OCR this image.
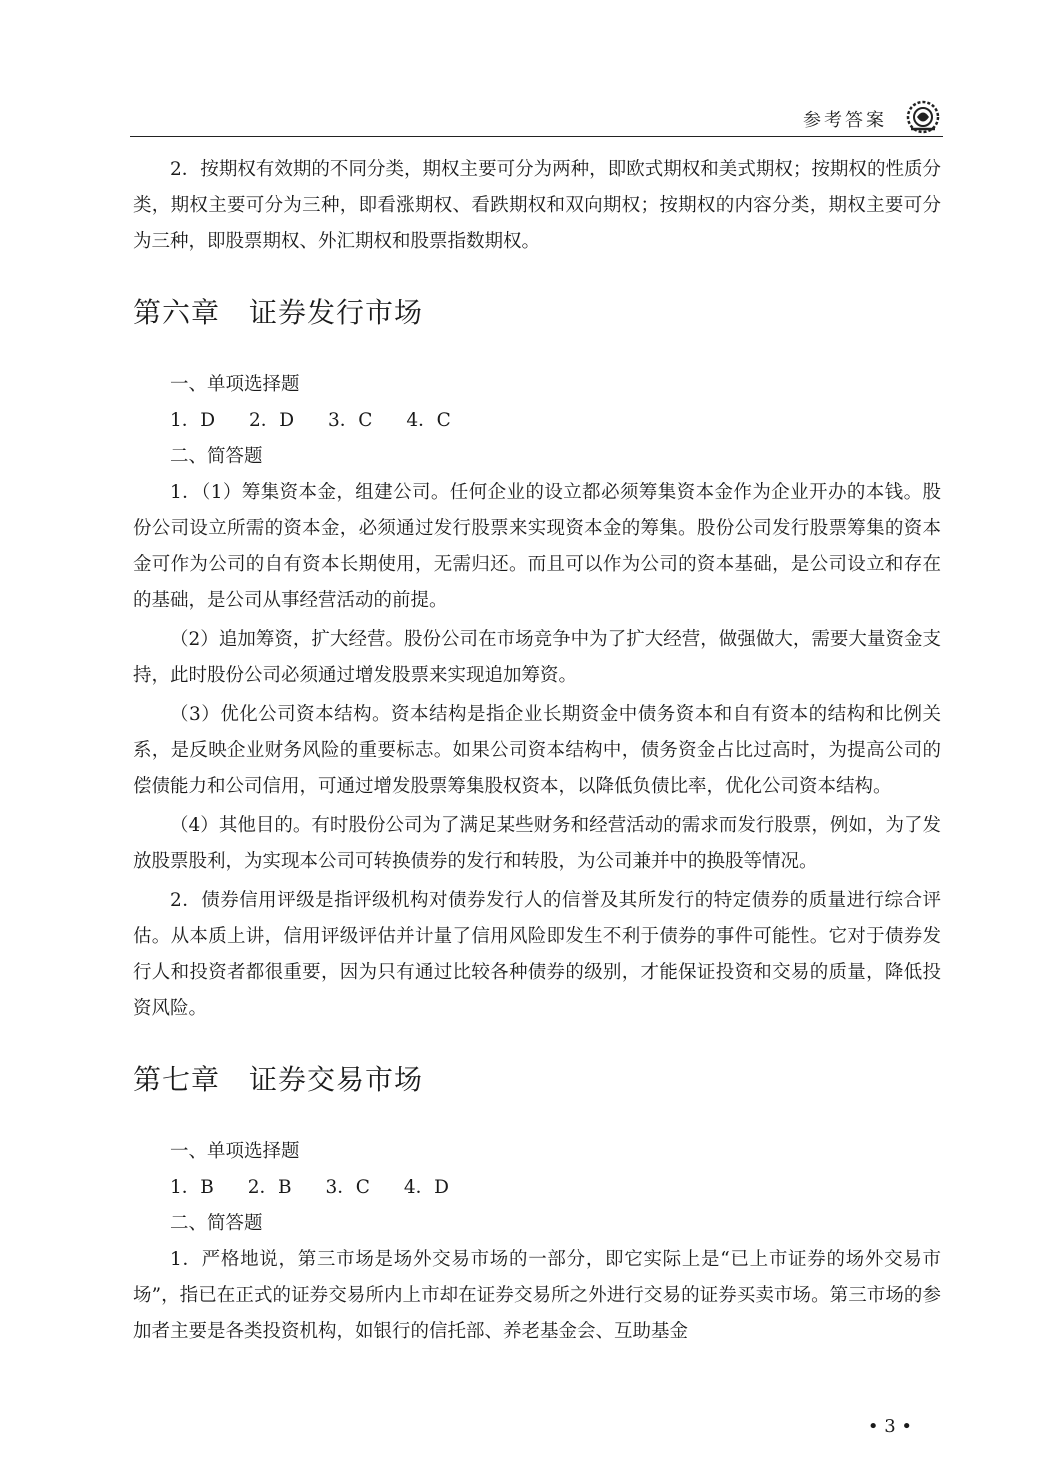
参考答案

2．按期权有效期的不同分类，期权主要可分为两种，即欧式期权和美式期权；按期权的性质分类，期权主要可分为三种，即看涨期权、看跌期权和双向期权；按期权的内容分类，期权主要可分为三种，即股票期权、外汇期权和股票指数期权。

第六章　证券发行市场

一、单项选择题

1．D 2．D 3．C 4．C

二、简答题

1．（1）筹集资本金，组建公司。任何企业的设立都必须筹集资本金作为企业开办的本钱。股份公司设立所需的资本金，必须通过发行股票来实现资本金的筹集。股份公司发行股票筹集的资本金可作为公司的自有资本长期使用，无需归还。而且可以作为公司的资本基础，是公司设立和存在的基础，是公司从事经营活动的前提。

（2）追加筹资，扩大经营。股份公司在市场竞争中为了扩大经营，做强做大，需要大量资金支持，此时股份公司必须通过增发股票来实现追加筹资。

（3）优化公司资本结构。资本结构是指企业长期资金中债务资本和自有资本的结构和比例关系，是反映企业财务风险的重要标志。如果公司资本结构中，债务资金占比过高时，为提高公司的偿债能力和公司信用，可通过增发股票筹集股权资本，以降低负债比率，优化公司资本结构。

（4）其他目的。有时股份公司为了满足某些财务和经营活动的需求而发行股票，例如，为了发放股票股利，为实现本公司可转换债券的发行和转股，为公司兼并中的换股等情况。

2．债券信用评级是指评级机构对债券发行人的信誉及其所发行的特定债券的质量进行综合评估。从本质上讲，信用评级评估并计量了信用风险即发生不利于债券的事件可能性。它对于债券发行人和投资者都很重要，因为只有通过比较各种债券的级别，才能保证投资和交易的质量，降低投资风险。

第七章　证券交易市场

一、单项选择题

1．B 2．B 3．C 4．D

二、简答题

1．严格地说，第三市场是场外交易市场的一部分，即它实际上是“已上市证券的场外交易市场”，指已在正式的证券交易所内上市却在证券交易所之外进行交易的证券买卖市场。第三市场的参加者主要是各类投资机构，如银行的信托部、养老基金会、互助基金

• 3 •
